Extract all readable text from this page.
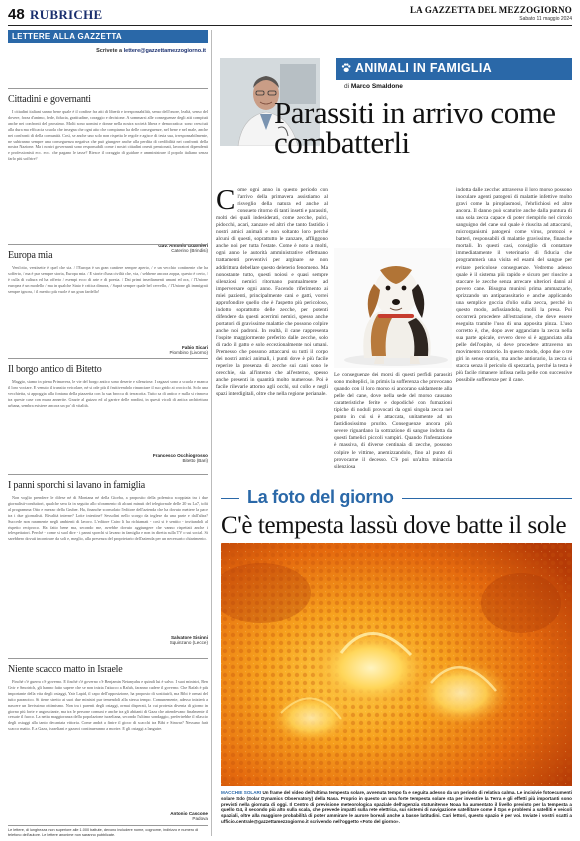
48 RUBRICHE	LA GAZZETTA DEL MEZZOGIORNO
Sabato 11 maggio 2024
LETTERE ALLA GAZZETTA
Scrivete a lettere@gazzettamezzogiorno.it
Cittadini e governanti
I cittadini italiani sanno bene quale è il confine fra atti di libertà e irresponsabilità, senso dell'onore, lealtà, senso del dovere, forza d'animo, fede, fiducia, gratitudine, coraggio e decisione. A sommarsi alle conseguenze degli atti compiuti anche nei confronti del prossimo. Molti sono uomini e donne nella nostra società libera e democratica: sono cresciuti alla dura ma efficacia scuola che insegna che ogni atto che compiamo ha delle conseguenze, nel bene e nel male, anche nei confronti di della comunità. Così, se anche uno solo non rispetta le regole e agisce di testa sua, irresponsabilmente, ne subiranno sempre una conseguenza negativa che può giungere anche alla perdita di credibilità nei confronti della nostra Nazione. Ma i nostri governanti sono responsabili come i nostri cittadini onesti pensionati, lavoratori dipendenti e professionisti ecc. ecc. che pagano le tasse? Riesce il coraggio di guidare e amministrare il popolo italiano senza farlo più soffrire?
Gav. Antonio Guarnieri
Caterino (Brindisi)
Europa mia
Vent'otto, ventisette è quel che sia. / l'Europa è un gran cantiere sempre aperto, / e un vecchio continente che ha sofferto, / ma è pur sempre storia, Europa mia. / E storie d'una civiltà che, via, / sebbene ancora zoppa, questo è certo, / è culla di cultura ed ha offerto / esempi ecco di arte e di poesia. / Dai primi insediamenti umani ed ora, / l'Unione europea è un modello / ma in qualche Stato è critica dimora, / Saprà sempre quale bel cervello, / l'Unione gli immigrati sempre ignora, / il merito più vuole è un gran fardello!
Fabio Sicari
Piombino (Livorno)
Il borgo antico di Bitetto
Maggio, siamo in piena Primavera, le vie del borgo antico sono deserte e silenziose. I ragazzi sono a scuola e manca il loro vociare. E venuto il transito veicolare, nè si ode più il fruttivendolo rinunciare il suo grido ai crocicchi. Solo una vecchietta, si appoggia alla fontana della piazzetta con la sua brocca di terracotta. Tutto sa di antico e nulla si rinnova tra queste case con mura annerite. Grazie al guizzo ed al garrire delle rondini, in questi vicoli di antica architettura urbana, sembra esistere ancora un po' di vitalità.
Francesco Occhiogrosso
Bitetto (Bari)
I panni sporchi si lavano in famiglia
Non voglio prendere le difese né di Montana né della Giorba, a proposito della polemica scoppiata tra i due giornalisti-conduttori, qualche sera fa in seguito allo sforamento di alcuni minuti del telegiornale delle 20 su La7, tolti al programma Otto e mezzo della Gruber. Ha, finanche sconsolato l'editore dell'azienda che ha dovuto mettere la pace tra i due giornalisti. Rivalità interne? Lotte intestine? Sessolini nello scorgo da inglese da una parte e dall'altra? Succede non raramente negli ambienti di lavoro. L'editore Cairo li ha richiamati - così si è sentito - invitandoli al rispetto reciproco. Ha fatto bene ma, secondo me, avrebbe dovuto aggiungere che vanno rispettati anche i telespettatori. Perché - come si suol dire - i panni sporchi si lavano in famiglia e non in diretta sulla TV o sui social. Si sarebbero dovuti incontrare da soli e, meglio, alla presenza del proprietario dell'azienda per un necessario chiarimento.
Salvatore Sisinni
Squinzano (Lecce)
Niente scacco matto in Israele
Finché c'è guerra c'è governo. E finché c'è governo c'è Benjamin Netanyahu e quindi lui è salvo. I suoi ministri, Ben Gvir e Smotrich, gli hanno fatto sapere che se non inizia l'attacco a Rafah, faranno cadere il governo. Che Rafah è più importante della vita degli ostaggi, Yair Lapid, il capo dell'opposizione, ha proposto di sostituirli, ma Bibi è ormai del tutto paranoico. Si tiene stretto ai suoi due ministri pur temendoli alla stessa tempo. Comunemente, adesso inizierà a nascere un lievissimo ottimismo. Non tra i parenti degli ostaggi, ormai disperati, la cui protesta diventa di giorno in giorno più forte e angosciante, ma tra le persone comuni e anche tra gli abitanti di Gaza che attendevano finalmente il cessate il fuoco. La netta maggioranza della popolazione israeliana, secondo l'ultimo sondaggio, preferirebbe il rilascio degli ostaggi alla tanto decantata vittoria. Come andrà a finire il gioco di scacchi tra Bibi e Sinwar? Nessuno farà scacco matto. E a Gaza, israeliani e gazawi continueranno a morire. E gli ostaggi a languire.
Antonio Cascone
Padova
Le lettere, di lunghezza non superiore alle 1.000 battute, devono includere nome, cognome, indirizzo e numero di telefono dell'autore. Le lettere anonime non saranno pubblicate.
ANIMALI IN FAMIGLIA
di Marco Smaldone
Parassiti in arrivo come combatterli
Come ogni anno in questo periodo con l'arrivo della primavera assistiamo al risveglio della natura ed anche al consueto ritorno di tanti insetti e parassiti, molti dei quali indesiderati, come zecche, pulci, pidocchi, acari, zanzare ed altri che tanto fastidio i nostri amici animali e non soltanto loro perché alcuni di questi, soprattutto le zanzare, affliggono anche noi per tutta l'estate. Come è noto a molti, ogni anno le autorità amministrative effettuano trattamenti preventivi per arginare se non addirittura debellare questo deleterio fenomeno. Ma nonostante tutto, questi noiosi e quasi sempre silenziosi nemici ritornano puntualmente ad imperversare ogni anno. Facendo riferimento ai miei pazienti, principalmente cani e gatti, vorrei approfondire quello che è l'aspetto più pericoloso, indotto soprattutto delle zecche, per potenti difendere da questi acerrimi nemici, spesso anche portatori di gravissime malattie che possono colpire anche noi padroni. In realtà, il cane rappresenta l'ospite maggiormente preferito dalle zecche, solo di rado il gatto e solo eccezionalmente noi umani. Premesso che possono attaccarsi su tutti il corpo dei nostri amici animali, i punti dove è più facile reperire la presenza di zecche sui cani sono le orecchie, sia all'interno che all'esterno, spesso anche presenti in quantità molto numerose. Poi è facile rilevarle attorno agli occhi, sul collo e negli spazi interdigitali, oltre che nella regione perianale.
Le conseguenze dei morsi di questi perfidi parassiti sono molteplici, in primis la sofferenza che provocano quando con il loro morso si ancorano saldamente alla pelle del cane, dove nella sede del morso causano caratteristiche ferite e dopodiché con fumazioni tipiche di noduli provocati da ogni singola zecca nel punto in cui si è attaccata, unitamente ad un fastidiosissimo prurito. Conseguenze ancora più severe riguardano la sottrazione di sangue indotta da questi famelici piccoli vampiri. Quando l'infestazione è massiva, di diverse centinaia di zecche, possono colpire le vittime, anemizzandolo, fino al punto di provocarne il decesso. C'è poi un'altra minaccia silenziosa
indotta dalle zecche: attraverso il loro morso possono inoculare agenti patogeni di malattie infettive molto gravi come la piroplasmosi, l'ehrlichiosi ed altre ancora. Il danno può scaturire anche dalla puntura di una sola zecca capace di poter riempirlo nel circolo sanguigno del cane sul quale è riuscita ad attaccarsi, microrganismi patogeni come virus, protozoi e batteri, responsabili di malattie gravissime, finanche mortali. In questi casi, consiglio di contattare immediatamente il veterinario di fiducia che programmerà una visita ed esami del sangue per evitare pericolose conseguenze. Vedremo adesso quale è il sistema più rapido e sicuro per riuscire a staccare le zecche senza arrecare ulteriori danni al povero cane. Bisogna munirsi prima ammazzarle, sprizzando un antiparassitario e anche applicando una semplice goccia d'olio sulla zecca, perché in questo modo, asfissiandola, molli la presa. Poi occorrerà procedere all'estrazione, che deve essere eseguita tramite l'uso di una apposita pinza. L'uso corretto è, che, dopo aver agganciato la zecca nella sua parte apicale, ovvero dove si è agganciata alla pelle dell'ospite, si deve procedere attraverso un movimento rotatorio. In questo modo, dopo due o tre giri in senso orario, ma anche antiorario, la zecca si stacca senza il pericolo di spezzarla, perché la testa è più facile rimanere infissa nella pelle con successive possibile sofferenze per il cane.
La foto del giorno
C'è tempesta lassù dove batte il sole
MACCHIE SOLARI Un frame del video dell'ultima tempesta solare, avvenuta tempo fa e seguita adesso da un periodo di relativa calma. Le incisivie fotoecumenti solare Sdo (Solar Dynamics Observatory) della Nasa. Proprio in questo un una forte tempesta solare sta per investire la Terra e gli effetti più importanti sono previsti nella giornata di oggi. Il Centro di previsione meteorologica spaziale dell'agenzia statunitense Noaa ha aumentato il livello previsto per la tempesta a quello G4, il secondo più alto sulla scala, che prevede impatti sulla rete elettrica, sui sistemi di navigazione satellitare come il Gps e problemi a satelliti e veicoli spaziali, oltre alla maggiore probabilità di poter ammirare le aurore boreali anche a basse latitudini. Cari lettori, questo spazio è per voi. Inviate i vostri scatti a ufficio.centrale@gazzettamezzogiorno.it scrivendo nell'oggetto «Foto del giorno».
